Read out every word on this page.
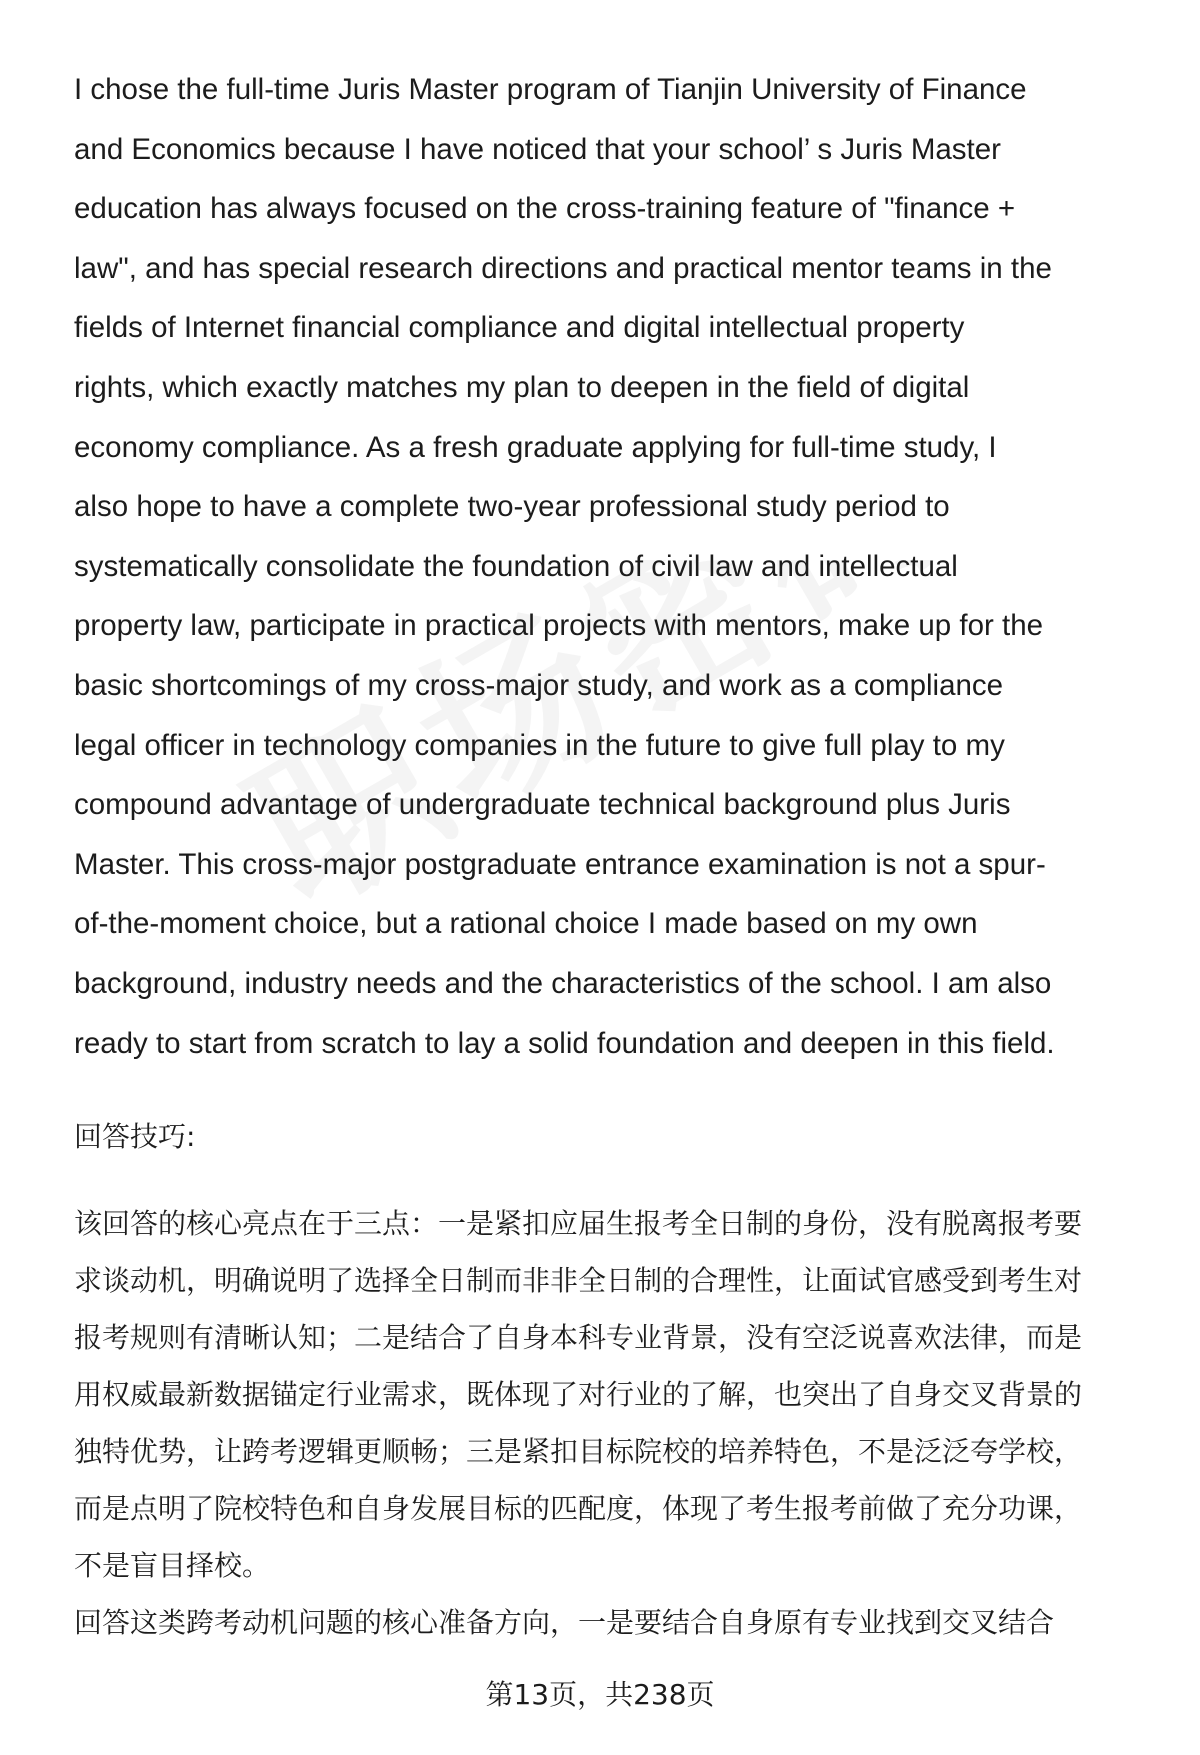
I chose the full-time Juris Master program of Tianjin University of Finance
and Economics because I have noticed that your school’ s Juris Master
education has always focused on the cross-training feature of "finance +
law", and has special research directions and practical mentor teams in the
fields of Internet financial compliance and digital intellectual property
rights, which exactly matches my plan to deepen in the field of digital
economy compliance. As a fresh graduate applying for full-time study, I
also hope to have a complete two-year professional study period to
systematically consolidate the foundation of civil law and intellectual
property law, participate in practical projects with mentors, make up for the
basic shortcomings of my cross-major study, and work as a compliance
legal officer in technology companies in the future to give full play to my
compound advantage of undergraduate technical background plus Juris
Master. This cross-major postgraduate entrance examination is not a spur-
of-the-moment choice, but a rational choice I made based on my own
background, industry needs and the characteristics of the school. I am also
ready to start from scratch to lay a solid foundation and deepen in this field.

回答技巧:

该回答的核心亮点在于三点：一是紧扣应届生报考全日制的身份，没有脱离报考要
求谈动机，明确说明了选择全日制而非非全日制的合理性，让面试官感受到考生对
报考规则有清晰认知；二是结合了自身本科专业背景，没有空泛说喜欢法律，而是
用权威最新数据锚定行业需求，既体现了对行业的了解，也突出了自身交叉背景的
独特优势，让跨考逻辑更顺畅；三是紧扣目标院校的培养特色，不是泛泛夸学校，
而是点明了院校特色和自身发展目标的匹配度，体现了考生报考前做了充分功课，
不是盲目择校。

回答这类跨考动机问题的核心准备方向，一是要结合自身原有专业找到交叉结合

第13页，共238页
